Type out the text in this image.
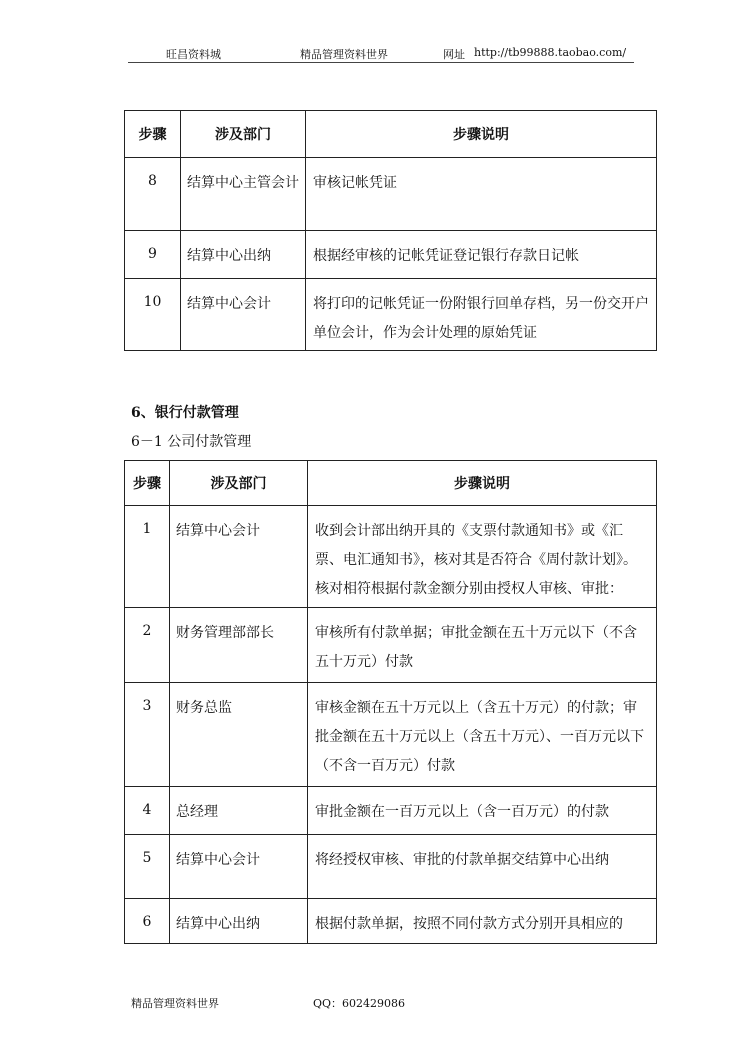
旺昌资料城	精品管理资料世界	网址 http://tb99888.taobao.com/
步骤	涉及部门	步骤说明
8	结算中心主管会计	审核记帐凭证
9	结算中心出纳	根据经审核的记帐凭证登记银行存款日记帐
10	结算中心会计	将打印的记帐凭证一份附银行回单存档，另一份交开户单位会计，作为会计处理的原始凭证
6、银行付款管理
6－1 公司付款管理
步骤	涉及部门	步骤说明
1	结算中心会计	收到会计部出纳开具的《支票付款通知书》或《汇票、电汇通知书》，核对其是否符合《周付款计划》。核对相符根据付款金额分别由授权人审核、审批：
2	财务管理部部长	审核所有付款单据；审批金额在五十万元以下（不含五十万元）付款
3	财务总监	审核金额在五十万元以上（含五十万元）的付款；审批金额在五十万元以上（含五十万元）、一百万元以下（不含一百万元）付款
4	总经理	审批金额在一百万元以上（含一百万元）的付款
5	结算中心会计	将经授权审核、审批的付款单据交结算中心出纳
6	结算中心出纳	根据付款单据，按照不同付款方式分别开具相应的
精品管理资料世界	QQ：602429086
